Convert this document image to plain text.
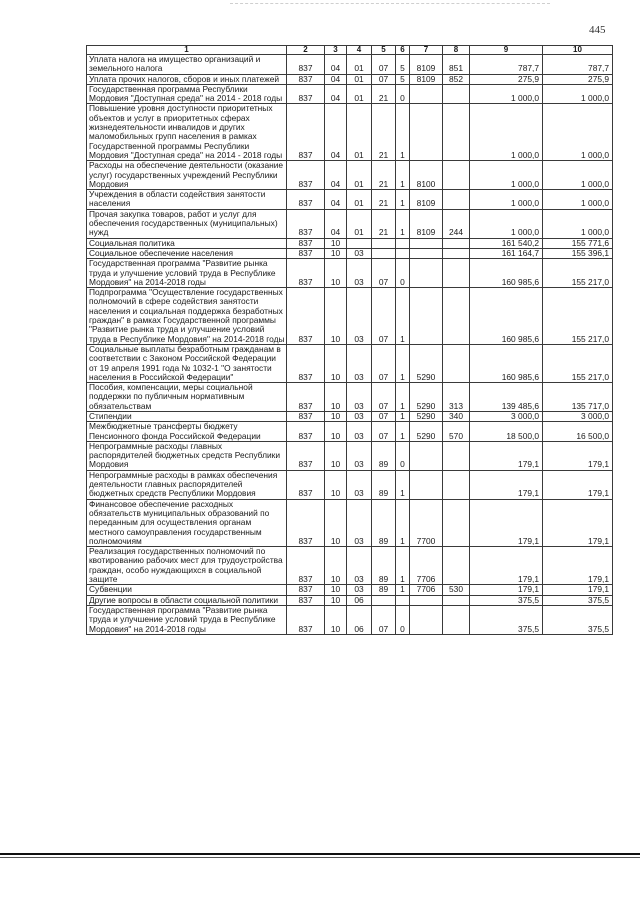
445
1	2	3	4	5	6	7	8	9	10
Уплата налога на имущество организаций и земельного налога	837	04	01	07	5	8109	851	787,7	787,7
Уплата прочих налогов, сборов и иных платежей	837	04	01	07	5	8109	852	275,9	275,9
Государственная программа Республики Мордовия "Доступная среда" на 2014 - 2018 годы	837	04	01	21	0			1 000,0	1 000,0
Повышение уровня доступности приоритетных объектов и услуг в приоритетных сферах жизнедеятельности инвалидов и других маломобильных групп населения в рамках Государственной программы Республики Мордовия "Доступная среда" на 2014 - 2018 годы	837	04	01	21	1			1 000,0	1 000,0
Расходы на обеспечение деятельности (оказание услуг) государственных учреждений Республики Мордовия	837	04	01	21	1	8100		1 000,0	1 000,0
Учреждения в области содействия занятости населения	837	04	01	21	1	8109		1 000,0	1 000,0
Прочая закупка товаров, работ и услуг для обеспечения государственных (муниципальных) нужд	837	04	01	21	1	8109	244	1 000,0	1 000,0
Социальная политика	837	10						161 540,2	155 771,6
Социальное обеспечение населения	837	10	03					161 164,7	155 396,1
Государственная программа "Развитие рынка труда и улучшение условий труда в Республике Мордовия" на 2014-2018 годы	837	10	03	07	0			160 985,6	155 217,0
Подпрограмма "Осуществление государственных полномочий в сфере содействия занятости населения и социальная поддержка безработных граждан" в рамках Государственной программы "Развитие рынка труда и улучшение условий труда в Республике Мордовия" на 2014-2018 годы	837	10	03	07	1			160 985,6	155 217,0
Социальные выплаты безработным гражданам в соответствии с Законом Российской Федерации от 19 апреля 1991 года № 1032-1 "О занятости населения в Российской Федерации"	837	10	03	07	1	5290		160 985,6	155 217,0
Пособия, компенсации, меры социальной поддержки по публичным нормативным обязательствам	837	10	03	07	1	5290	313	139 485,6	135 717,0
Стипендии	837	10	03	07	1	5290	340	3 000,0	3 000,0
Межбюджетные трансферты бюджету Пенсионного фонда Российской Федерации	837	10	03	07	1	5290	570	18 500,0	16 500,0
Непрограммные расходы главных распорядителей бюджетных средств Республики Мордовия	837	10	03	89	0			179,1	179,1
Непрограммные расходы в рамках обеспечения деятельности главных распорядителей бюджетных средств Республики Мордовия	837	10	03	89	1			179,1	179,1
Финансовое обеспечение расходных обязательств муниципальных образований по переданным для осуществления органам местного самоуправления государственным полномочиям	837	10	03	89	1	7700		179,1	179,1
Реализация государственных полномочий по квотированию рабочих мест для трудоустройства граждан, особо нуждающихся в социальной защите	837	10	03	89	1	7706		179,1	179,1
Субвенции	837	10	03	89	1	7706	530	179,1	179,1
Другие вопросы в области социальной политики	837	10	06					375,5	375,5
Государственная программа "Развитие рынка труда и улучшение условий труда в Республике Мордовия" на 2014-2018 годы	837	10	06	07	0			375,5	375,5
